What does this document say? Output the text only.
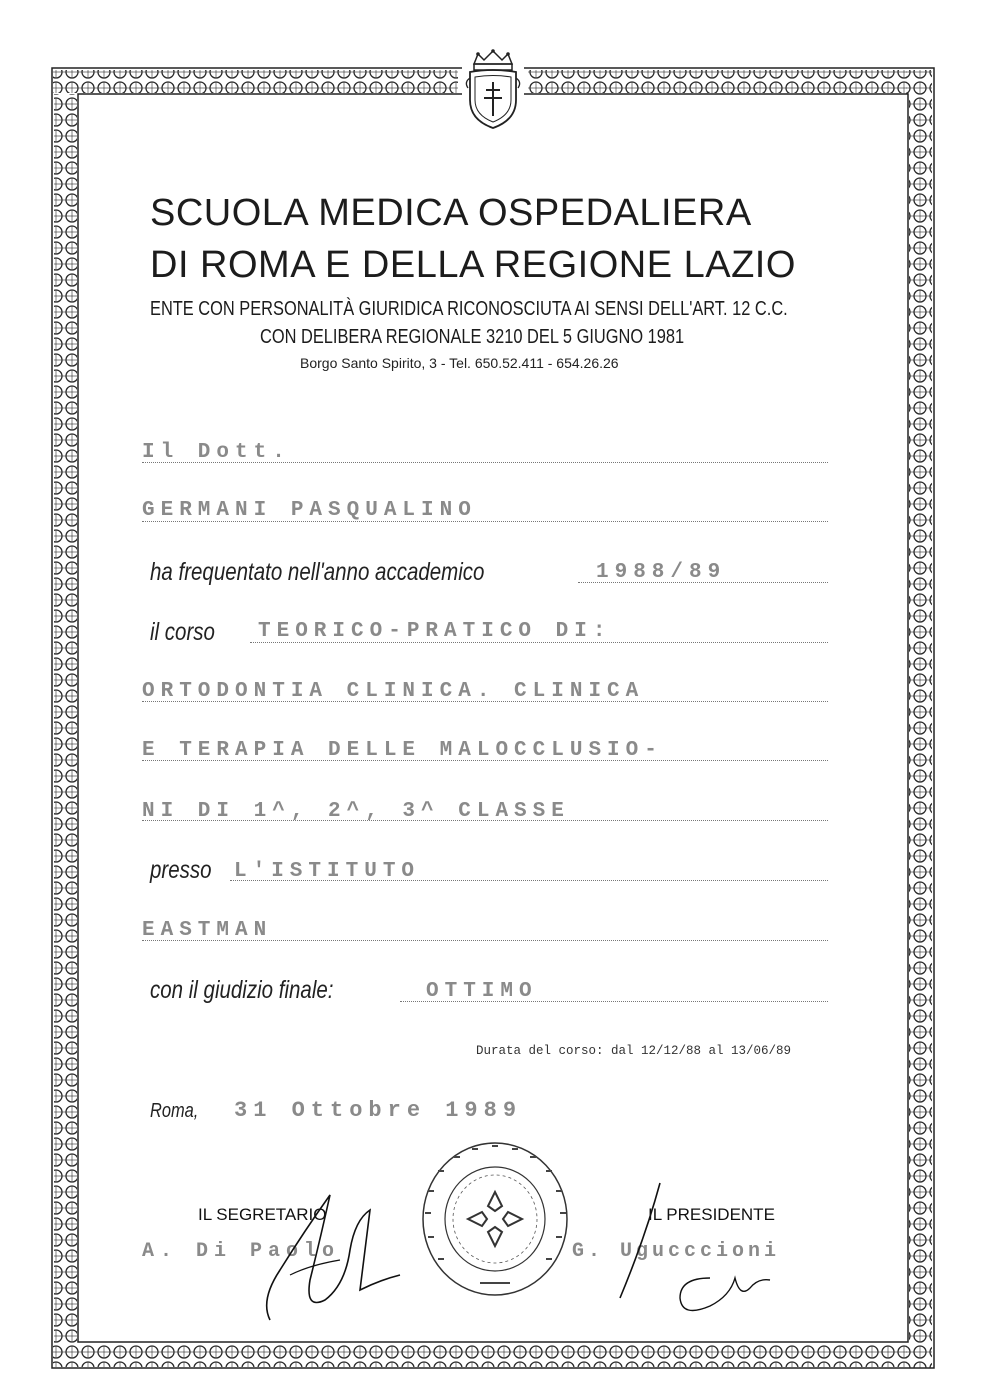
SCUOLA MEDICA OSPEDALIERA
DI ROMA E DELLA REGIONE LAZIO
ENTE CON PERSONALITÀ GIURIDICA RICONOSCIUTA AI SENSI DELL'ART. 12 C.C.
CON DELIBERA REGIONALE 3210 DEL 5 GIUGNO 1981
Borgo Santo Spirito, 3 - Tel. 650.52.411 - 654.26.26
Il Dott.
GERMANI PASQUALINO
ha frequentato nell'anno accademico	1988/89
il corso TEORICO-PRATICO DI:
ORTODONTIA CLINICA. CLINICA
E TERAPIA DELLE MALOCCLUSIO-
NI DI 1^, 2^, 3^ CLASSE
presso L'ISTITUTO
EASTMAN
con il giudizio finale:	OTTIMO
Durata del corso: dal 12/12/88 al 13/06/89
Roma, 31 Ottobre 1989
IL SEGRETARIO
A. Di Paolo
IL PRESIDENTE
G. Ugucccioni
